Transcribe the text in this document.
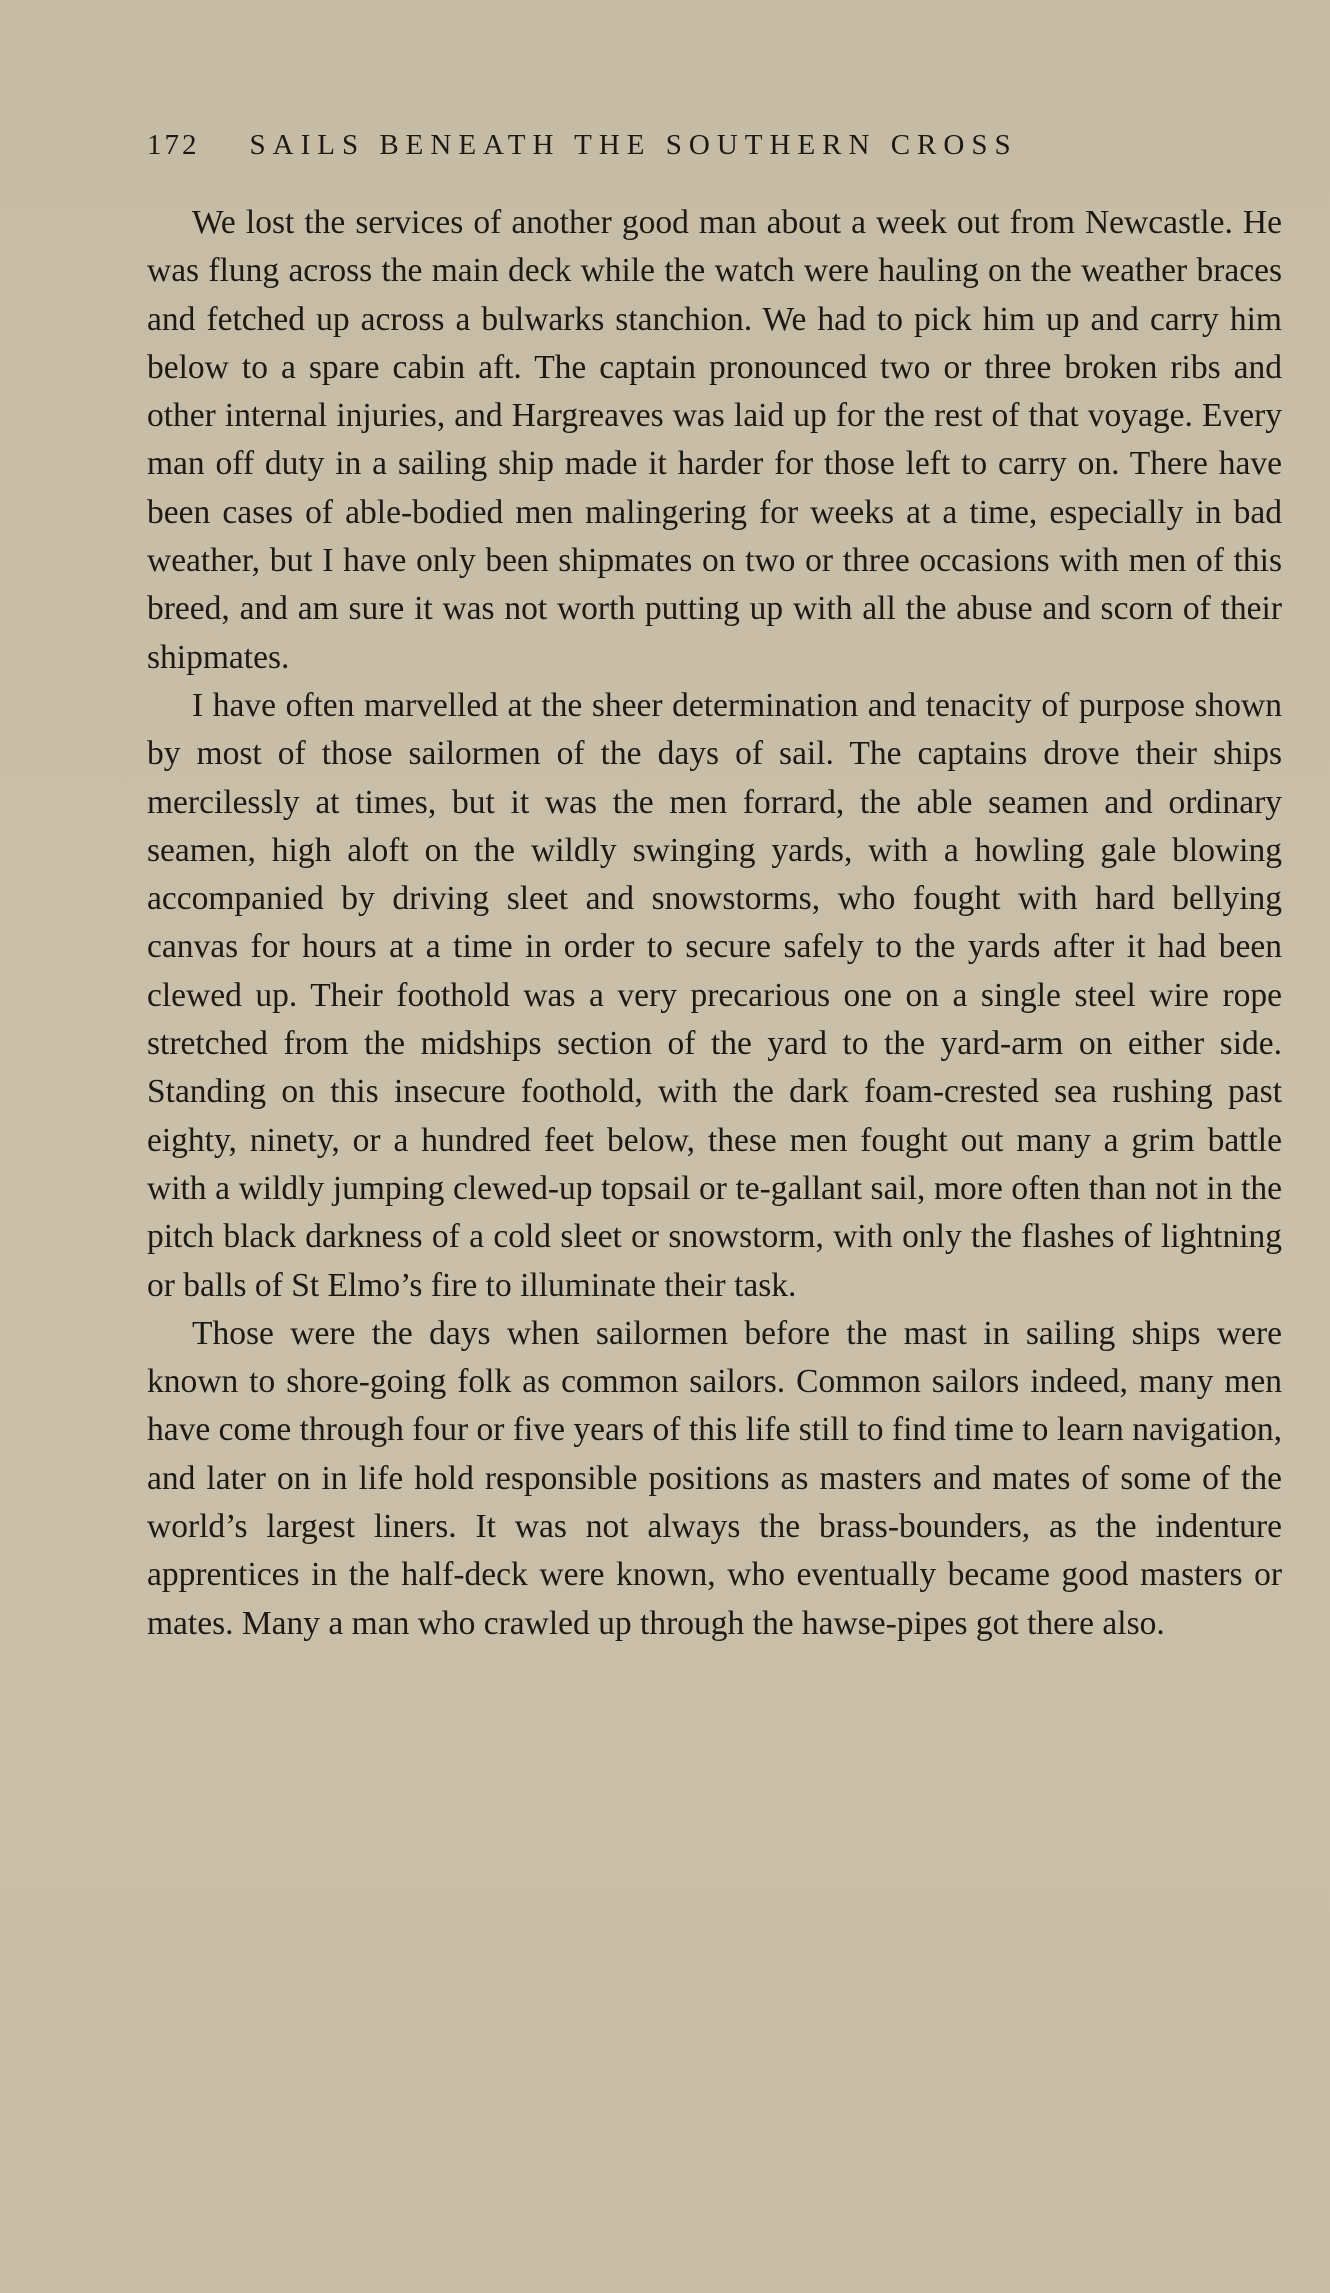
172 SAILS BENEATH THE SOUTHERN CROSS

We lost the services of another good man about a week out from Newcastle. He was flung across the main deck while the watch were hauling on the weather braces and fetched up across a bulwarks stanchion. We had to pick him up and carry him below to a spare cabin aft. The captain pronounced two or three broken ribs and other internal injuries, and Hargreaves was laid up for the rest of that voyage. Every man off duty in a sailing ship made it harder for those left to carry on. There have been cases of able-bodied men malingering for weeks at a time, especially in bad weather, but I have only been shipmates on two or three occasions with men of this breed, and am sure it was not worth putting up with all the abuse and scorn of their shipmates.

I have often marvelled at the sheer determination and tenacity of purpose shown by most of those sailormen of the days of sail. The captains drove their ships mercilessly at times, but it was the men forrard, the able seamen and ordinary seamen, high aloft on the wildly swinging yards, with a howling gale blowing accompanied by driving sleet and snowstorms, who fought with hard bellying canvas for hours at a time in order to secure safely to the yards after it had been clewed up. Their foothold was a very precarious one on a single steel wire rope stretched from the midships section of the yard to the yard-arm on either side. Standing on this insecure foothold, with the dark foam-crested sea rushing past eighty, ninety, or a hundred feet below, these men fought out many a grim battle with a wildly jumping clewed-up topsail or te-gallant sail, more often than not in the pitch black darkness of a cold sleet or snowstorm, with only the flashes of lightning or balls of St Elmo’s fire to illuminate their task.

Those were the days when sailormen before the mast in sailing ships were known to shore-going folk as common sailors. Common sailors indeed, many men have come through four or five years of this life still to find time to learn navigation, and later on in life hold responsible positions as masters and mates of some of the world’s largest liners. It was not always the brass-bounders, as the indenture apprentices in the half-deck were known, who eventually became good masters or mates. Many a man who crawled up through the hawse-pipes got there also.
